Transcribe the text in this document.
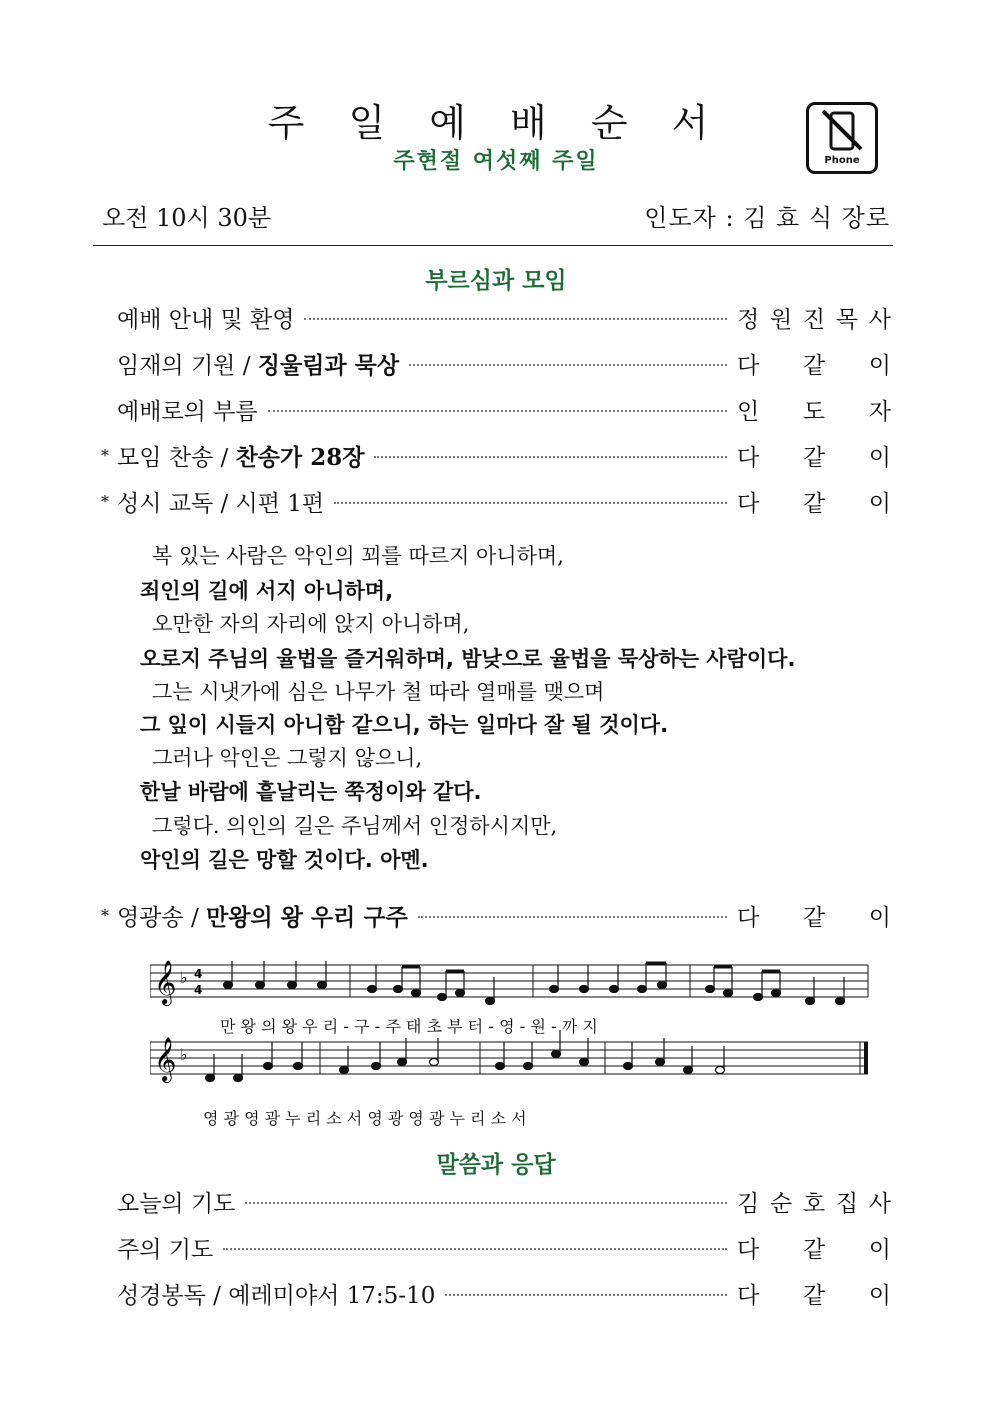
주 일 예 배 순 서
주현절 여섯째 주일	Phone
오전 10시 30분	인도자 : 김 효 식 장로
부르심과 모임
예배 안내 및 환영	정 원 진 목 사
임재의 기원 / 징울림과 묵상	다 같 이
예배로의 부름	인 도 자
* 모임 찬송 / 찬송가 28장	다 같 이
* 성시 교독 / 시편 1편	다 같 이
복 있는 사람은 악인의 꾀를 따르지 아니하며,
죄인의 길에 서지 아니하며,
오만한 자의 자리에 앉지 아니하며,
오로지 주님의 율법을 즐거워하며, 밤낮으로 율법을 묵상하는 사람이다.
그는 시냇가에 심은 나무가 철 따라 열매를 맺으며
그 잎이 시들지 아니함 같으니, 하는 일마다 잘 될 것이다.
그러나 악인은 그렇지 않으니,
한날 바람에 흩날리는 쭉정이와 같다.
그렇다. 의인의 길은 주님께서 인정하시지만,
악인의 길은 망할 것이다. 아멘.
* 영광송 / 만왕의 왕 우리 구주	다 같 이
𝄞
𝄞
♭
♭
4
4
만 왕 의 왕 우 리 - 구 - 주 태 초 부 터 - 영 - 원 - 까 지
영 광 영 광 누 리 소 서 영 광 영 광 누 리 소 서
말씀과 응답
오늘의 기도	김 순 호 집 사
주의 기도	다 같 이
성경봉독 / 예레미야서 17:5-10	다 같 이
